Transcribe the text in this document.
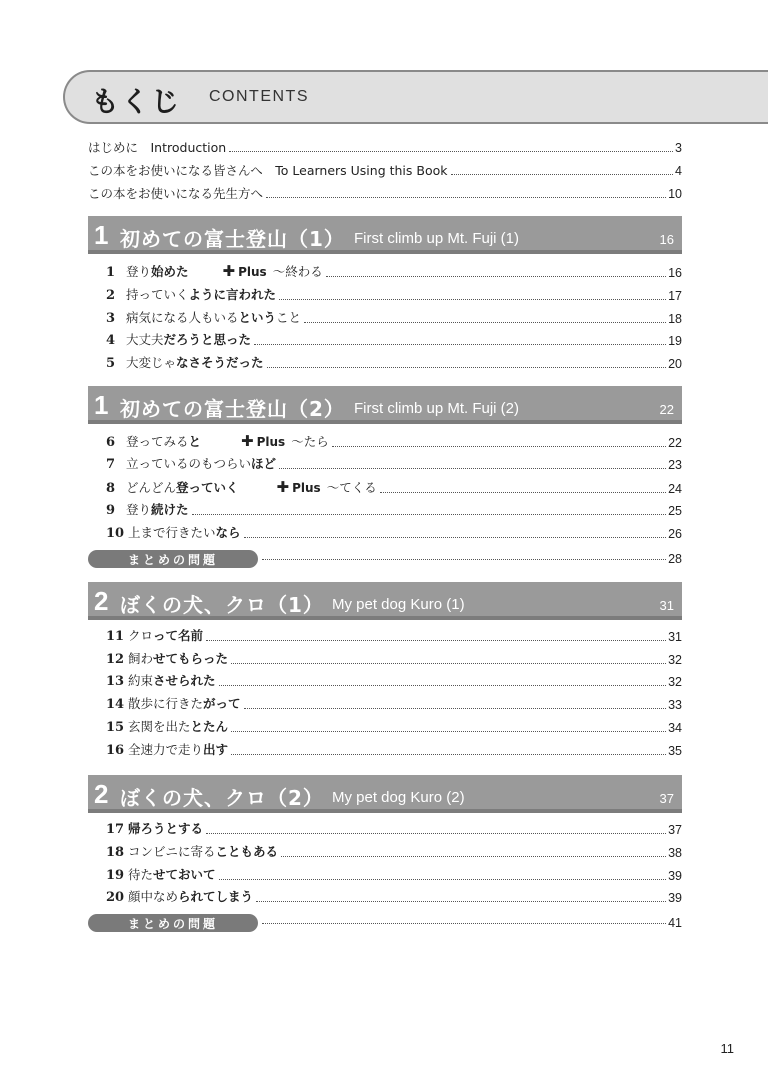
もくじ CONTENTS
はじめに　Introduction	3
この本をお使いになる皆さんへ　To Learners Using this Book	4
この本をお使いになる先生方へ	10
1 初めての富士登山（1） First climb up Mt. Fuji (1)	16
1 登り始めた ✚ Plus ～終わる	16
2 持っていくように言われた	17
3 病気になる人もいるということ	18
4 大丈夫だろうと思った	19
5 大変じゃなさそうだった	20
1 初めての富士登山（2） First climb up Mt. Fuji (2)	22
6 登ってみると	✚ Plus ～たら	22
7 立っているのもつらいほど	23
8 どんどん登っていく	✚ Plus ～てくる	24
9 登り続けた	25
10 上まで行きたいなら	26
まとめの問題	28
2 ぼくの犬、クロ（1） My pet dog Kuro (1)	31
11 クロって名前	31
12 飼わせてもらった	32
13 約束させられた	32
14 散歩に行きたがって	33
15 玄関を出たとたん	34
16 全速力で走り出す	35
2 ぼくの犬、クロ（2） My pet dog Kuro (2)	37
17 帰ろうとする	37
18 コンビニに寄ることもある	38
19 待たせておいて	39
20 顔中なめられてしまう	39
まとめの問題	41
11
